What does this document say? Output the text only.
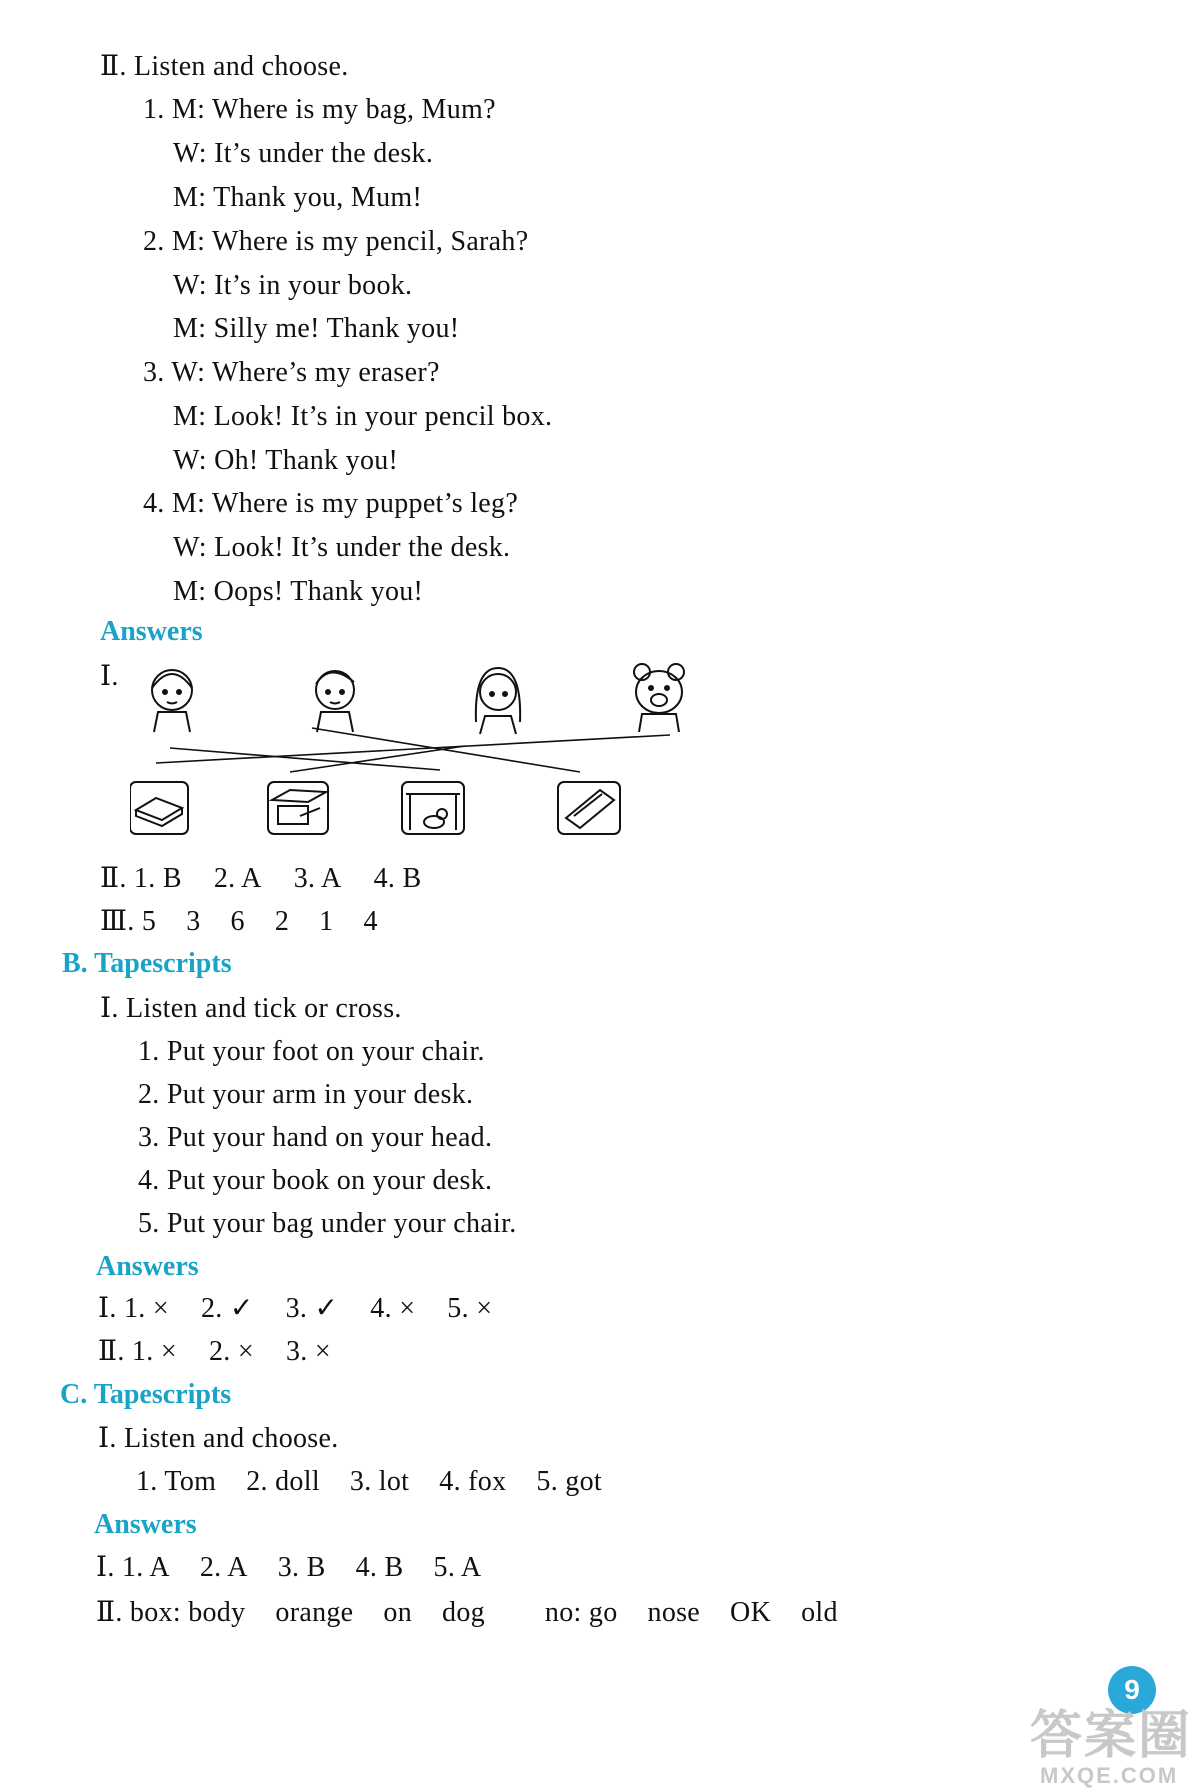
Ⅱ. Listen and choose.
1. M: Where is my bag, Mum?
W: It’s under the desk.
M: Thank you, Mum!
2. M: Where is my pencil, Sarah?
W: It’s in your book.
M: Silly me! Thank you!
3. W: Where’s my eraser?
M: Look! It’s in your pencil box.
W: Oh! Thank you!
4. M: Where is my puppet’s leg?
W: Look! It’s under the desk.
M: Oops! Thank you!
Answers
Ⅰ.
Ⅱ. 1. B 2. A 3. A 4. B
Ⅲ. 5 3 6 2 1 4
B. Tapescripts
Ⅰ. Listen and tick or cross.
1. Put your foot on your chair.
2. Put your arm in your desk.
3. Put your hand on your head.
4. Put your book on your desk.
5. Put your bag under your chair.
Answers
Ⅰ. 1. × 2. ✓ 3. ✓ 4. × 5. ×
Ⅱ. 1. × 2. × 3. ×
C. Tapescripts
Ⅰ. Listen and choose.
1. Tom 2. doll 3. lot 4. fox 5. got
Answers
Ⅰ. 1. A 2. A 3. B 4. B 5. A
Ⅱ. box: body orange on dog no: go nose OK old
9
答案圈
MXQE.COM
